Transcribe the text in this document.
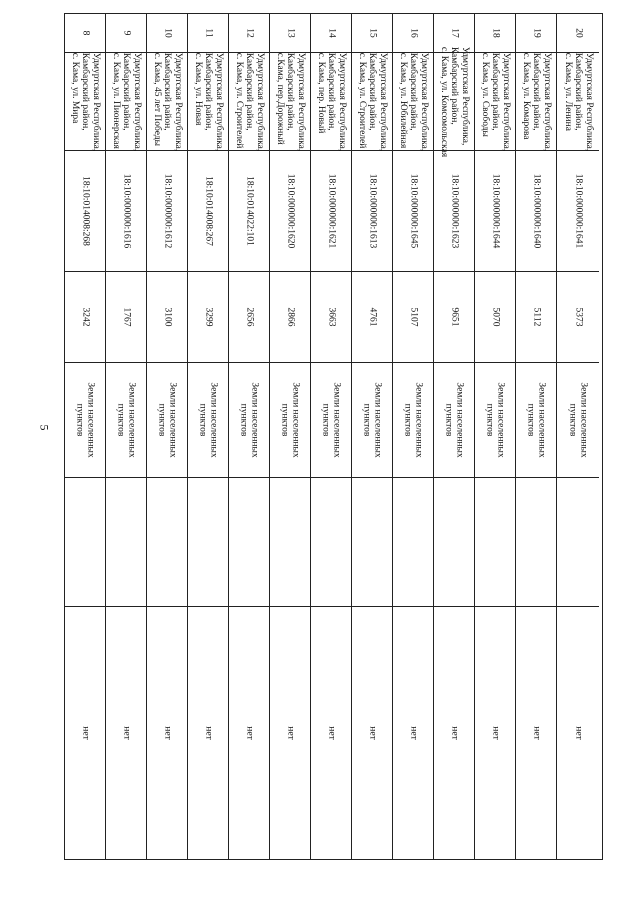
5
8
Удмуртская Республика,
Камбарский район,
с. Кама, ул. Мира
18:10:014008:268
3242
Земли населенных
пунктов
нет
9
Удмуртская Республика,
Камбарский район,
с. Кама, ул. Пионерская
18:10:000000:1616
1767
Земли населенных
пунктов
нет
10
Удмуртская Республика,
Камбарский район,
с. Кама, 45 лет Победы
18:10:000000:1612
3100
Земли населенных
пунктов
нет
11
Удмуртская Республика,
Камбарский район,
с. Кама, ул. Новая
18:10:014008:267
3299
Земли населенных
пунктов
нет
12
Удмуртская Республика,
Камбарский район,
с. Кама, ул. Строителей
18:10:014022:101
2656
Земли населенных
пунктов
нет
13
Удмуртская Республика,
Камбарский район,
с.Кама, пер.Дорожный
18:10:000000:1620
2866
Земли населенных
пунктов
нет
14
Удмуртская Республика,
Камбарский район,
с. Кама, пер. Новый
18:10:000000:1621
3663
Земли населенных
пунктов
нет
15
Удмуртская Республика,
Камбарский район,
с. Кама, ул. Строителей
18:10:000000:1613
4761
Земли населенных
пунктов
нет
16
Удмуртская Республика,
Камбарский район,
с. Кама, ул. Юбилейная
18:10:000000:1645
5107
Земли населенных
пунктов
нет
17
Удмуртская Республика,
Камбарский район,
с. Кама, ул. Комсомольская
18:10:000000:1623
9651
Земли населенных
пунктов
нет
18
Удмуртская Республика,
Камбарский район,
с. Кама, ул. Свободы
18:10:000000:1644
5070
Земли населенных
пунктов
нет
19
Удмуртская Республика,
Камбарский район,
с. Кама, ул. Комарова
18:10:000000:1640
5112
Земли населенных
пунктов
нет
20
Удмуртская Республика,
Камбарский район,
с. Кама, ул. Ленина
18:10:000000:1641
5373
Земли населенных
пунктов
нет
